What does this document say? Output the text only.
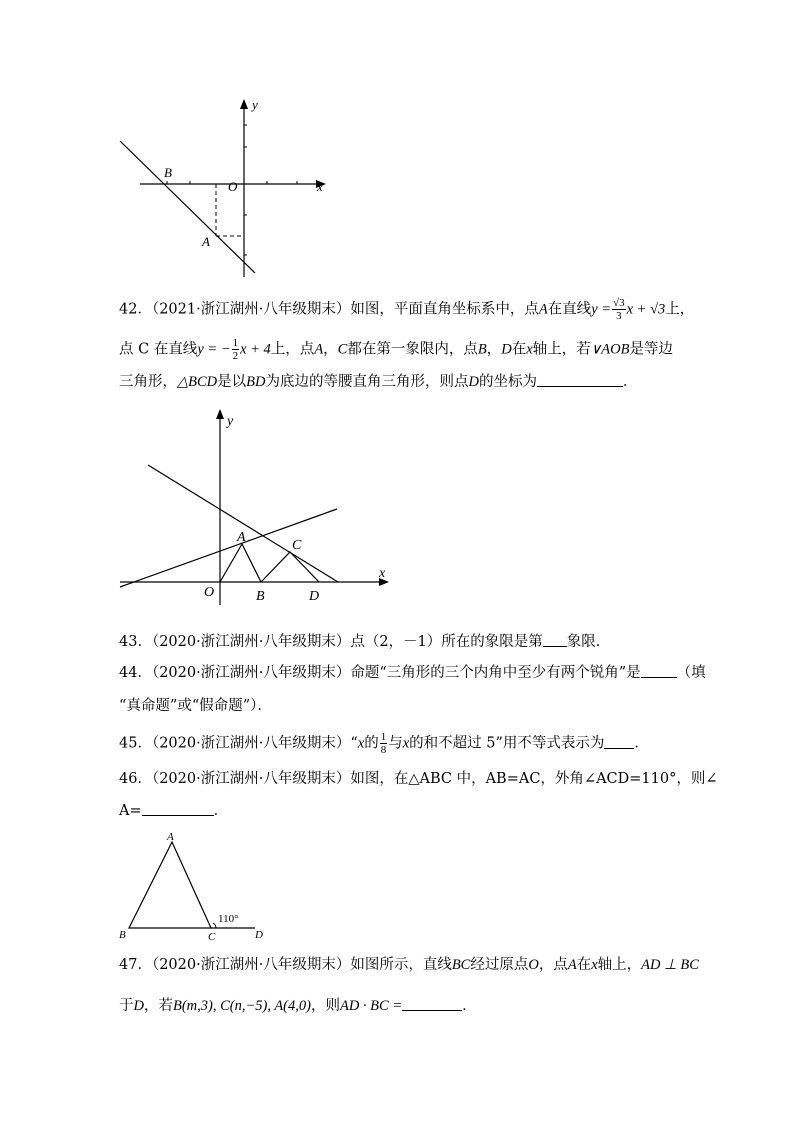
y
x
O
B
A
42．（2021·浙江湖州·八年级期末）如图，平面直角坐标系中，点A在直线$y = \frac{√3}{3}$ x + √3上，
点 C 在直线y = − $\frac{1}{2}$ x + 4上，点A，C都在第一象限内，点B，D在x轴上，若∨AOB是等边
三角形，△BCD是以BD为底边的等腰直角三角形，则点D的坐标为	．
y
x
O
A
B
C
D
43．（2020·浙江湖州·八年级期末）点（2，－1）所在的象限是第 象限．
44．（2020·浙江湖州·八年级期末）命题“三角形的三个内角中至少有两个锐角”是 （填
“真命题”或“假命题”）．
45．（2020·浙江湖州·八年级期末）“x的 $\frac{1}{8}$ 与x的和不超过 5”用不等式表示为 ．
46．（2020·浙江湖州·八年级期末）如图，在△ABC 中，AB=AC，外角∠ACD=110°，则∠
A=	．
A
B	C	D
110°
47．（2020·浙江湖州·八年级期末）如图所示，直线BC经过原点O，点A在x轴上，AD ⊥ BC
于D，若B(m,3), C(n,−5), A(4,0)，则AD · BC =	．
